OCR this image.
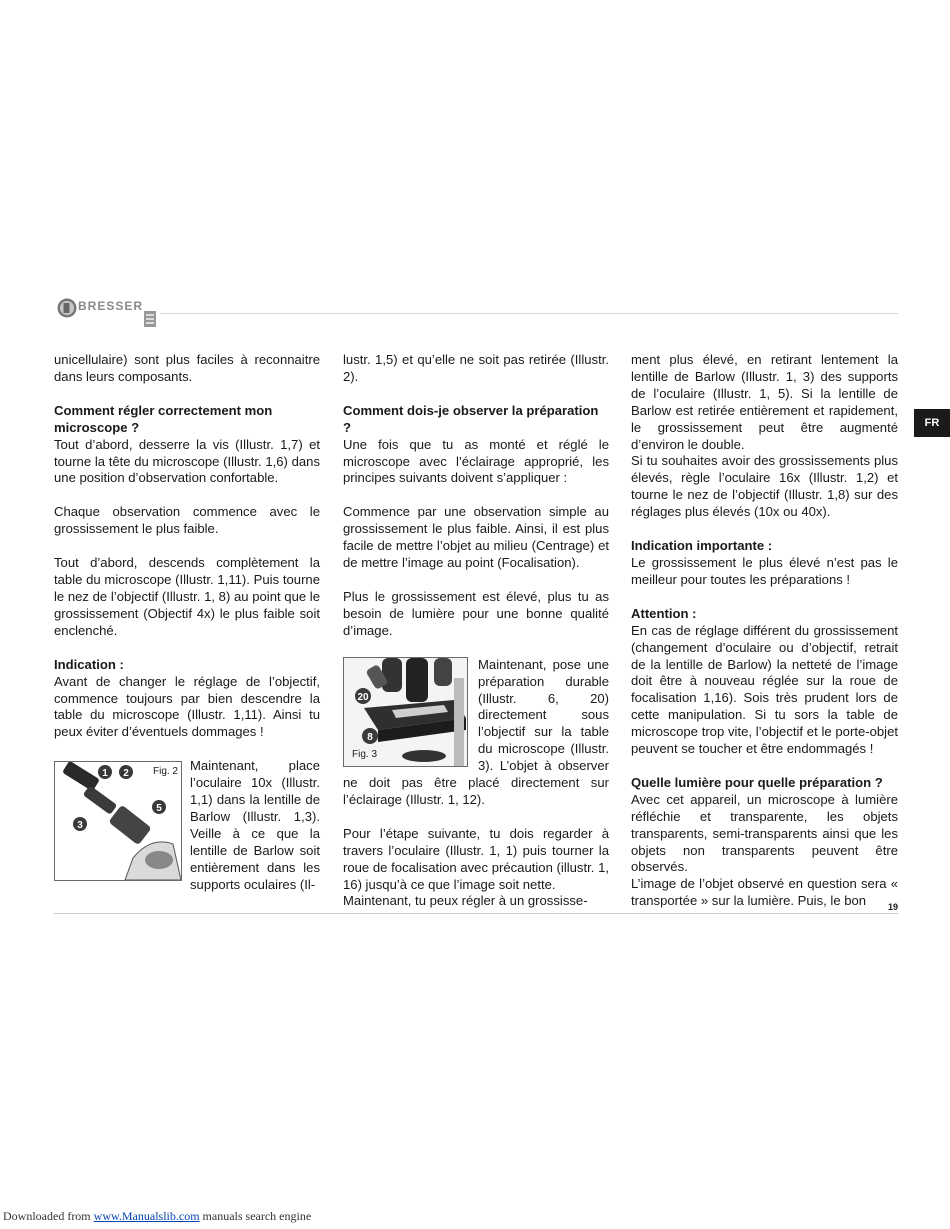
BRESSER
FR

unicellulaire) sont plus faciles à reconnaitre dans leurs composants.

Comment régler correctement mon microscope ?

Tout d’abord, desserre la vis (Illustr. 1,7) et tourne la tête du microscope (Illustr. 1,6) dans une position d’observation confortable.

Chaque observation commence avec le grossissement le plus faible.

Tout d’abord, descends complètement la table du microscope (Illustr. 1,11). Puis tourne le nez de l’objectif (Illustr. 1, 8) au point que le grossissement (Objectif 4x) le plus faible soit enclenché.

Indication :

Avant de changer le réglage de l’objectif, commence toujours par bien descendre la table du microscope (Illustr. 1,11). Ainsi tu peux éviter d’éventuels dommages !

/
1 2
5
3
Fig. 2 Maintenant, place l’oculaire 10x (Illustr. 1,1) dans la lentille de Barlow (Illustr. 1,3). Veille à ce que la lentille de Barlow soit entièrement dans les supports oculaires (Il-

lustr. 1,5) et qu’elle ne soit pas retirée (Illustr. 2).

Comment dois-je observer la préparation ?

Une fois que tu as monté et réglé le microscope avec l’éclairage approprié, les principes suivants doivent s’appliquer :

Commence par une observation simple au grossissement le plus faible. Ainsi, il est plus facile de mettre l’objet au milieu (Centrage) et de mettre l’image au point (Focalisation).

Plus le grossissement est élevé, plus tu as besoin de lumière pour une bonne qualité d’image.

20
8
Fig. 3

Maintenant, pose une préparation durable (Illustr. 6, 20) directement sous l’objectif sur la table du microscope (Illustr. 3). L’objet à observer ne doit pas être placé directement sur l’éclairage (Illustr. 1, 12).

Pour l’étape suivante, tu dois regarder à travers l’oculaire (Illustr. 1, 1) puis tourner la roue de focalisation avec précaution (illustr. 1, 16) jusqu’à ce que l’image soit nette.

Maintenant, tu peux régler à un grossisse-

ment plus élevé, en retirant lentement la lentille de Barlow (Illustr. 1, 3) des supports de l’oculaire (Illustr. 1, 5). Si la lentille de Barlow est retirée entièrement et rapidement, le grossissement peut être augmenté d’environ le double.

Si tu souhaites avoir des grossissements plus élevés, règle l’oculaire 16x (Illustr. 1,2) et tourne le nez de l’objectif (Illustr. 1,8) sur des réglages plus élevés (10x ou 40x).

Indication importante :

Le grossissement le plus élevé n’est pas le meilleur pour toutes les préparations !

Attention :

En cas de réglage différent du grossissement (changement d’oculaire ou d’objectif, retrait de la lentille de Barlow) la netteté de l’image doit être à nouveau réglée sur la roue de focalisation 1,16). Sois très prudent lors de cette manipulation. Si tu sors la table de microscope trop vite, l’objectif et le porte-objet peuvent se toucher et être endommagés !

Quelle lumière pour quelle préparation ?

Avec cet appareil, un microscope à lumière réfléchie et transparente, les objets transparents, semi-transparents ainsi que les objets non transparents peuvent être observés.

L’image de l’objet observé en question sera « transportée » sur la lumière. Puis, le bon	19
Downloaded from www.Manualslib.com manuals search engine
